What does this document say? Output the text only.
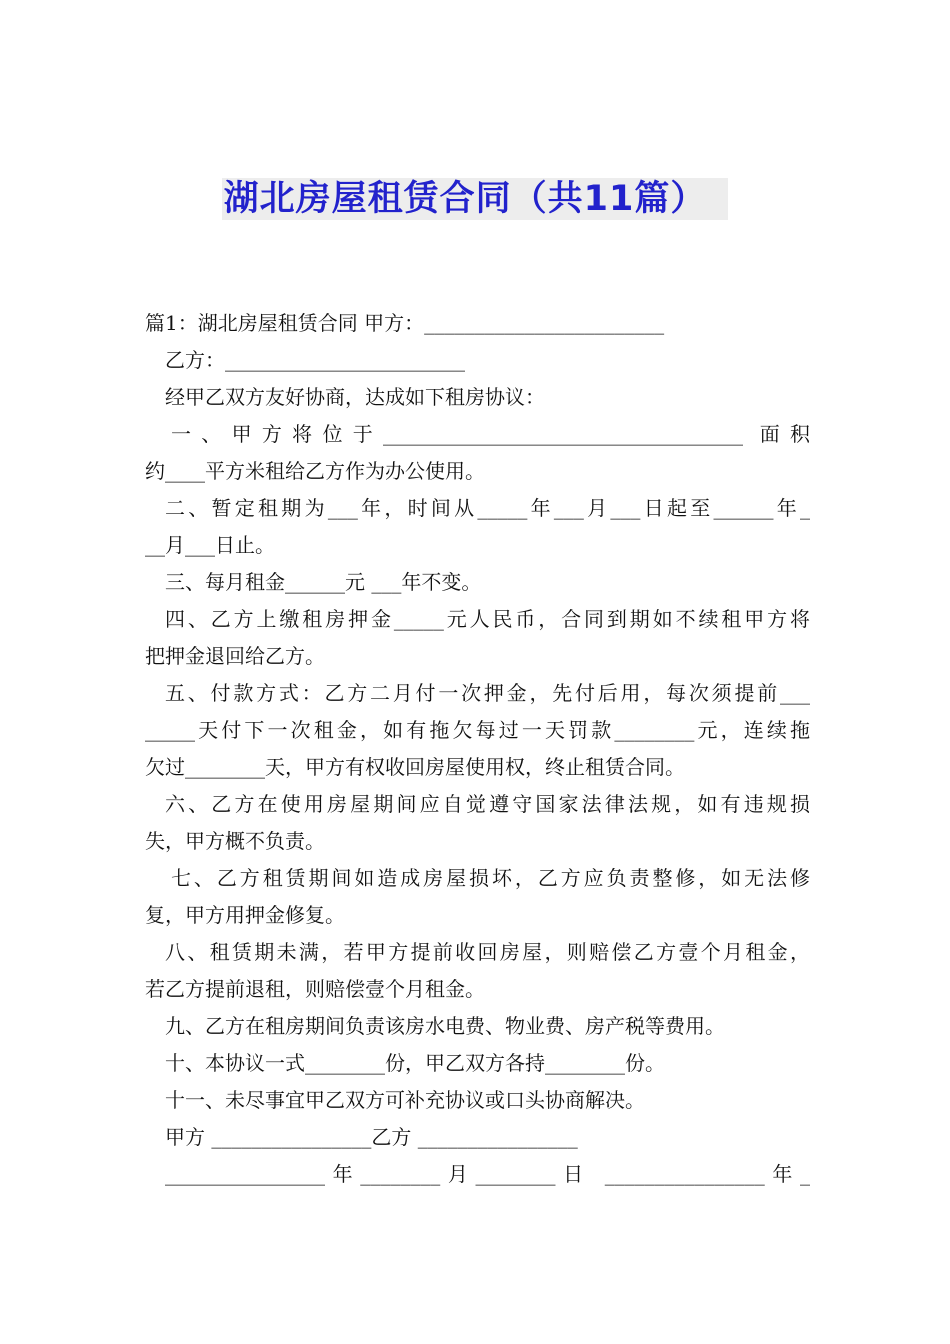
湖北房屋租赁合同（共11篇）
篇1：湖北房屋租赁合同 甲方：________________________
乙方：________________________
经甲乙双方友好协商，达成如下租房协议：
一、甲方将位于____________________________________ 面积
约____平方米租给乙方作为办公使用。
二、暂定租期为___年，时间从_____年___月___日起至______年_
__月___日止。
三、每月租金______元 ___年不变。
四、乙方上缴租房押金_____元人民币，合同到期如不续租甲方将
把押金退回给乙方。
五、付款方式：乙方二月付一次押金，先付后用，每次须提前___
_____天付下一次租金，如有拖欠每过一天罚款________元，连续拖
欠过________天，甲方有权收回房屋使用权，终止租赁合同。
六、乙方在使用房屋期间应自觉遵守国家法律法规，如有违规损
失，甲方概不负责。
七、乙方租赁期间如造成房屋损坏，乙方应负责整修，如无法修
复，甲方用押金修复。
八、租赁期未满，若甲方提前收回房屋，则赔偿乙方壹个月租金，
若乙方提前退租，则赔偿壹个月租金。
九、乙方在租房期间负责该房水电费、物业费、房产税等费用。
十、本协议一式________份，甲乙双方各持________份。
十一、未尽事宜甲乙双方可补充协议或口头协商解决。
甲方 ________________乙方 ________________
________________年________月________日 ________________年_
